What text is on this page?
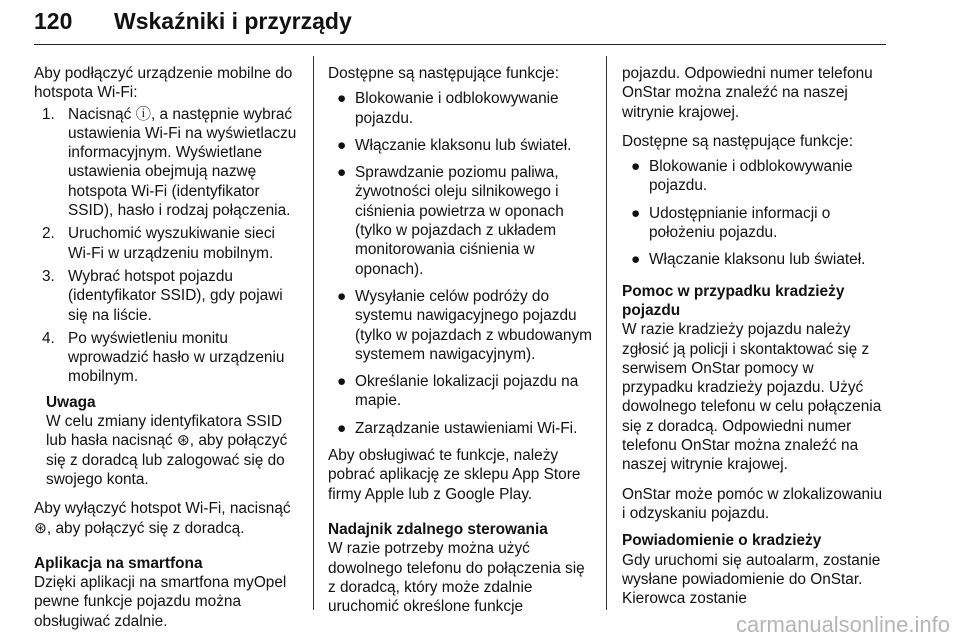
120 Wskaźniki i przyrządy

Aby podłączyć urządzenie mobilne do hotspota Wi-Fi:

1. Nacisnąć ⓘ, a następnie wybrać ustawienia Wi-Fi na wyświetlaczu informacyjnym. Wyświetlane ustawienia obejmują nazwę hotspota Wi-Fi (identyfikator SSID), hasło i rodzaj połączenia.
2. Uruchomić wyszukiwanie sieci Wi-Fi w urządzeniu mobilnym.
3. Wybrać hotspot pojazdu (identyfikator SSID), gdy pojawi się na liście.
4. Po wyświetleniu monitu wprowadzić hasło w urządzeniu mobilnym.

Uwaga

W celu zmiany identyfikatora SSID lub hasła nacisnąć ⊛, aby połączyć się z doradcą lub zalogować się do swojego konta.

Aby wyłączyć hotspot Wi-Fi, nacisnąć ⊛, aby połączyć się z doradcą.

Aplikacja na smartfona

Dzięki aplikacji na smartfona myOpel pewne funkcje pojazdu można obsługiwać zdalnie.

Dostępne są następujące funkcje:

● Blokowanie i odblokowywanie pojazdu.
● Włączanie klaksonu lub świateł.
● Sprawdzanie poziomu paliwa, żywotności oleju silnikowego i ciśnienia powietrza w oponach (tylko w pojazdach z układem monitorowania ciśnienia w oponach).
● Wysyłanie celów podróży do systemu nawigacyjnego pojazdu (tylko w pojazdach z wbudowanym systemem nawigacyjnym).
● Określanie lokalizacji pojazdu na mapie.
● Zarządzanie ustawieniami Wi-Fi.

Aby obsługiwać te funkcje, należy pobrać aplikację ze sklepu App Store firmy Apple lub z Google Play.

Nadajnik zdalnego sterowania

W razie potrzeby można użyć dowolnego telefonu do połączenia się z doradcą, który może zdalnie uruchomić określone funkcje

pojazdu. Odpowiedni numer telefonu OnStar można znaleźć na naszej witrynie krajowej.

Dostępne są następujące funkcje:

● Blokowanie i odblokowywanie pojazdu.
● Udostępnianie informacji o położeniu pojazdu.
● Włączanie klaksonu lub świateł.

Pomoc w przypadku kradzieży pojazdu

W razie kradzieży pojazdu należy zgłosić ją policji i skontaktować się z serwisem OnStar pomocy w przypadku kradzieży pojazdu. Użyć dowolnego telefonu w celu połączenia się z doradcą. Odpowiedni numer telefonu OnStar można znaleźć na naszej witrynie krajowej.

OnStar może pomóc w zlokalizowaniu i odzyskaniu pojazdu.

Powiadomienie o kradzieży

Gdy uruchomi się autoalarm, zostanie wysłane powiadomienie do OnStar. Kierowca zostanie

carmanualsonline.info
